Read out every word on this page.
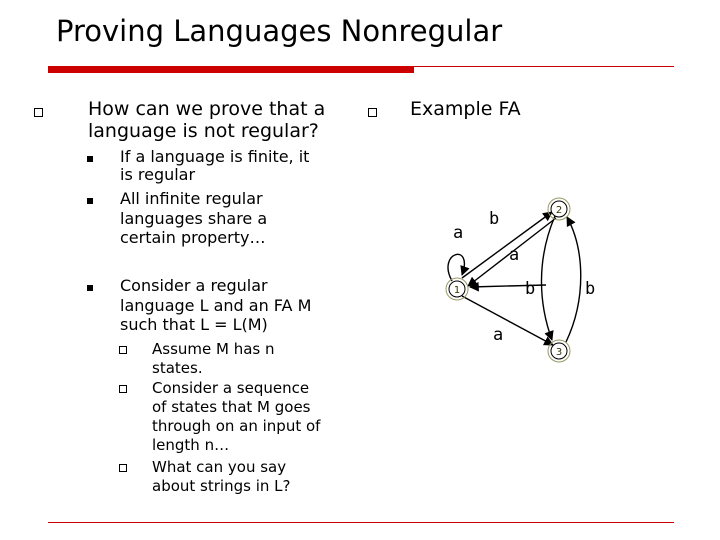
Proving Languages Nonregular
How can we prove that a
language is not regular?
If a language is finite, it
is regular
All infinite regular
languages share a
certain property…
Consider a regular
language L and an FA M
such that L = L(M)
Assume M has n
states.
Consider a sequence
of states that M goes
through on an input of
length n…
What can you say
about strings in L?
Example FA
1
2
3
a
b
a
a
b	b
